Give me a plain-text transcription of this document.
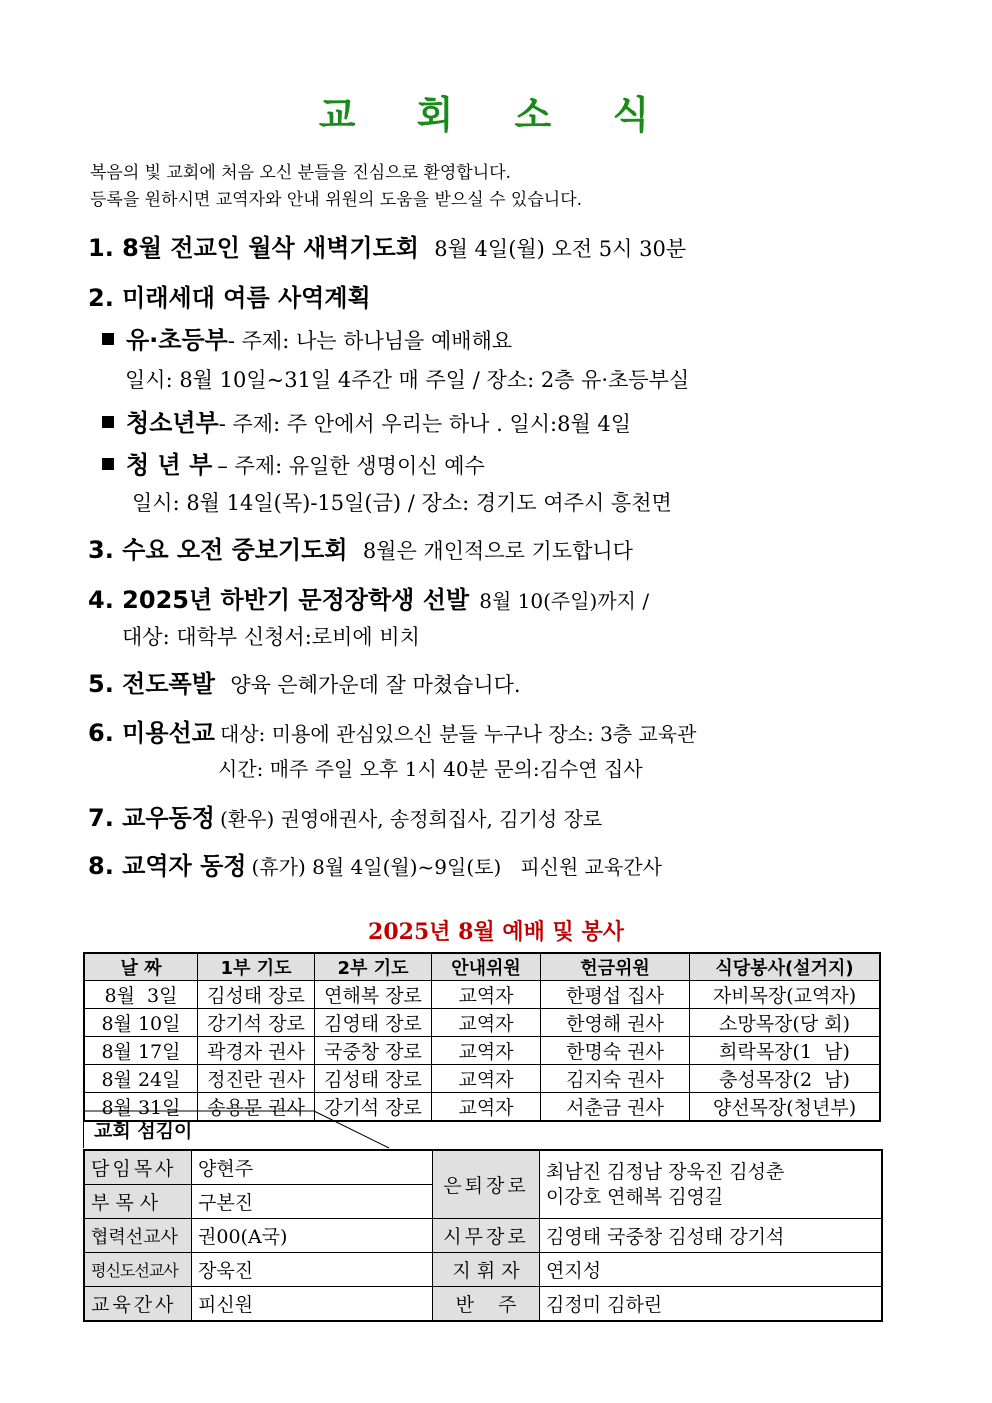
교 회 소 식
복음의 빛 교회에 처음 오신 분들을 진심으로 환영합니다.
등록을 원하시면 교역자와 안내 위원의 도움을 받으실 수 있습니다.
1. 8월 전교인 월삭 새벽기도회 8월 4일(월) 오전 5시 30분
2. 미래세대 여름 사역계획
유·초등부- 주제: 나는 하나님을 예배해요
일시: 8월 10일~31일 4주간 매 주일 / 장소: 2층 유·초등부실
청소년부- 주제: 주 안에서 우리는 하나 . 일시:8월 4일
청 년 부 – 주제: 유일한 생명이신 예수
일시: 8월 14일(목)-15일(금) / 장소: 경기도 여주시 흥천면
3. 수요 오전 중보기도회 8월은 개인적으로 기도합니다
4. 2025년 하반기 문정장학생 선발 8월 10(주일)까지 /
대상: 대학부 신청서:로비에 비치
5. 전도폭발 양육 은혜가운데 잘 마쳤습니다.
6. 미용선교 대상: 미용에 관심있으신 분들 누구나 장소: 3층 교육관
시간: 매주 주일 오후 1시 40분 문의:김수연 집사
7. 교우동정 (환우) 권영애권사, 송정희집사, 김기성 장로
8. 교역자 동정 (휴가) 8월 4일(월)~9일(토)   피신원 교육간사
2025년 8월 예배 및 봉사
날 짜	1부 기도	2부 기도	안내위원	헌금위원	식당봉사(설거지)
8월  3일	김성태 장로	연해복 장로	교역자	한평섭 집사	자비목장(교역자)
8월 10일	강기석 장로	김영태 장로	교역자	한영해 권사	소망목장(당 회)
8월 17일	곽경자 권사	국중창 장로	교역자	한명숙 권사	희락목장(1  남)
8월 24일	정진란 권사	김성태 장로	교역자	김지숙 권사	충성목장(2  남)
8월 31일	송용문 권사	강기석 장로	교역자	서춘금 권사	양선목장(청년부)
교회 섬김이
담임목사	양현주	은퇴장로	최남진 김정남 장욱진 김성춘
이강호 연해복 김영길

부 목 사	구본진		
협력선교사	권00(A국)	시무장로	김영태 국중창 김성태 강기석
평신도선교사	장욱진	지 휘 자	연지성
교육간사	피신원	반    주	김정미 김하린
